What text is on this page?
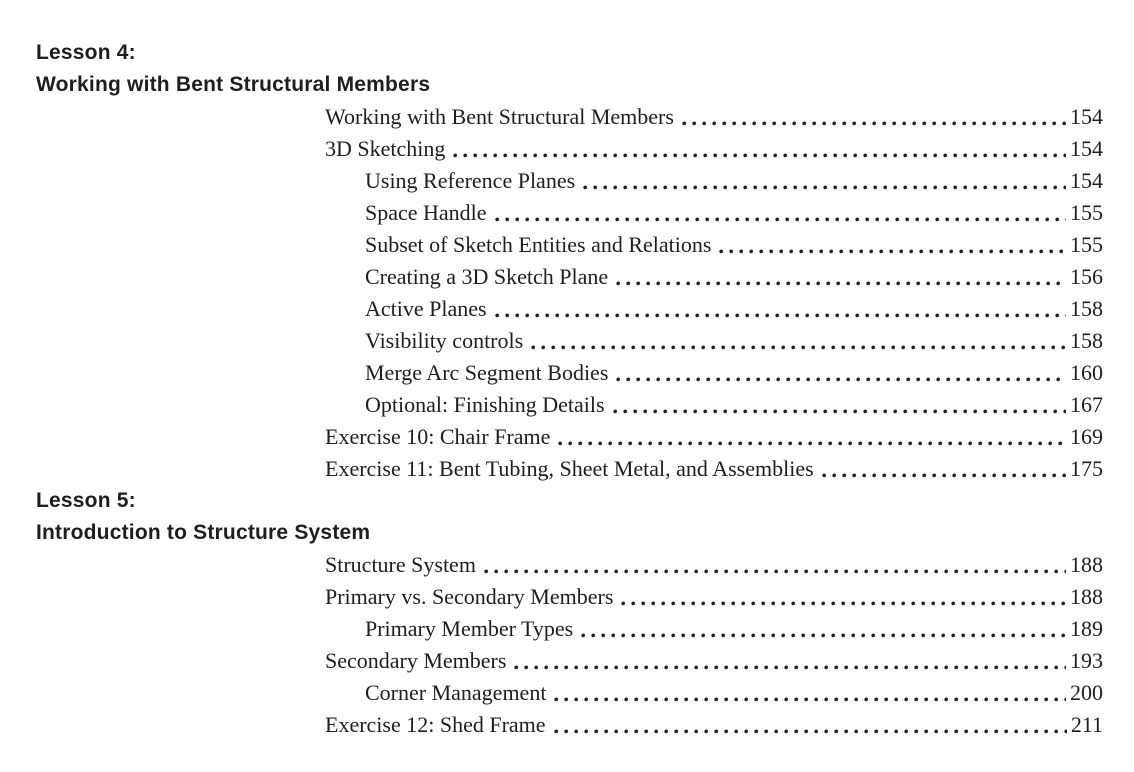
Lesson 4:
Working with Bent Structural Members
Working with Bent Structural Members	154
3D Sketching	154
Using Reference Planes	154
Space Handle	155
Subset of Sketch Entities and Relations	155
Creating a 3D Sketch Plane	156
Active Planes	158
Visibility controls	158
Merge Arc Segment Bodies	160
Optional: Finishing Details	167
Exercise 10: Chair Frame	169
Exercise 11: Bent Tubing, Sheet Metal, and Assemblies	175
Lesson 5:
Introduction to Structure System
Structure System	188
Primary vs. Secondary Members	188
Primary Member Types	189
Secondary Members	193
Corner Management	200
Exercise 12: Shed Frame	211
